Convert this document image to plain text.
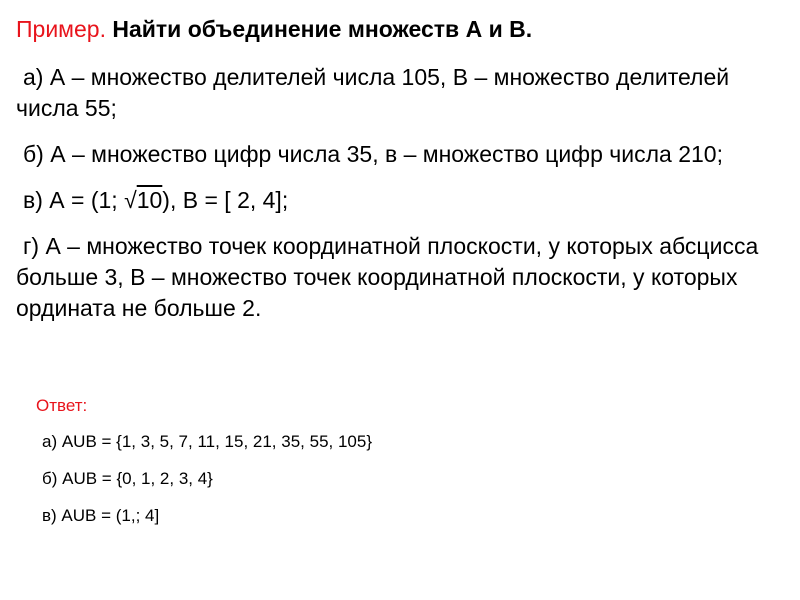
Пример. Найти объединение множеств А и В.

а) А – множество делителей числа 105, В – множество делителей числа 55;

б) А – множество цифр числа 35, в – множество цифр числа 210;

в) А = (1; √10), В = [ 2, 4];

г) А – множество точек координатной плоскости, у которых абсцисса больше 3, В – множество точек координатной плоскости, у которых ордината не больше 2.

Ответ:
а) АUВ = {1, 3, 5, 7, 11, 15, 21, 35, 55, 105}
б) АUВ = {0, 1, 2, 3, 4}
в) АUВ = (1,; 4]
